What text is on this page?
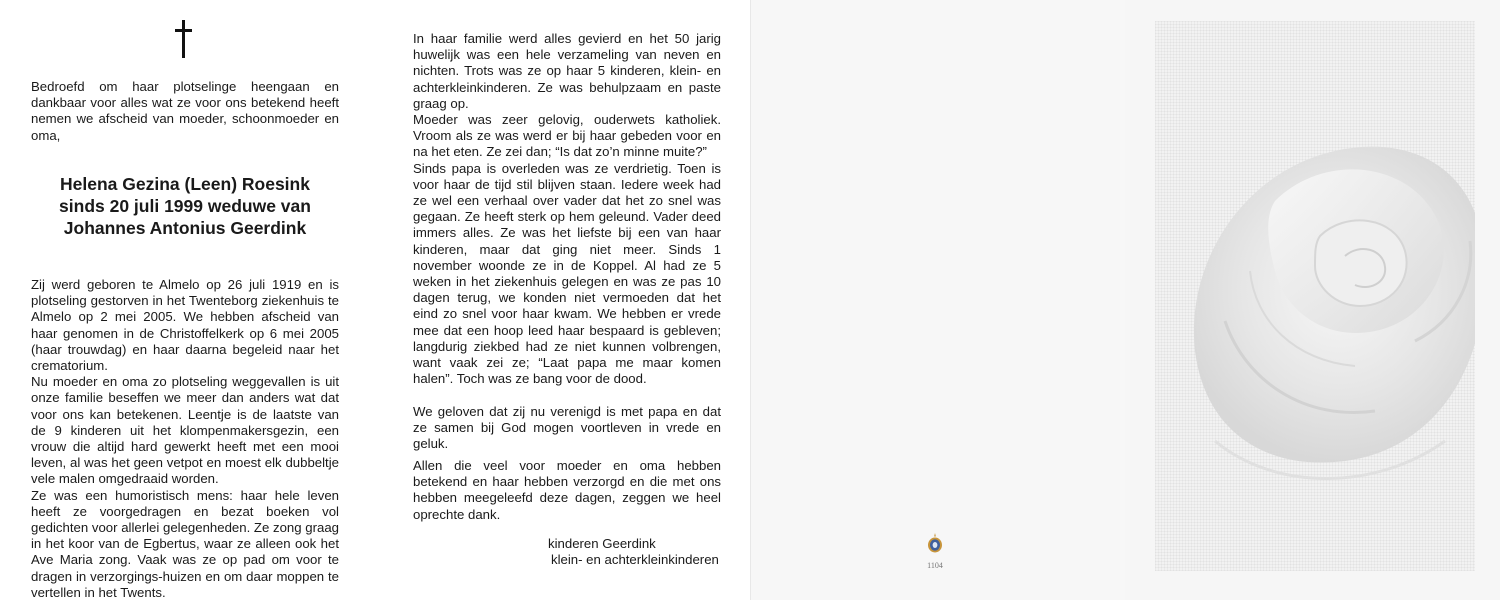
Bedroefd om haar plotselinge heengaan en dankbaar voor alles wat ze voor ons betekend heeft nemen we afscheid van moeder, schoonmoeder en oma,
Helena Gezina (Leen) Roesink
sinds 20 juli 1999 weduwe van
Johannes Antonius Geerdink
Zij werd geboren te Almelo op 26 juli 1919 en is plotseling gestorven in het Twenteborg ziekenhuis te Almelo op 2 mei 2005. We hebben afscheid van haar genomen in de Christoffelkerk op 6 mei 2005 (haar trouwdag) en haar daarna begeleid naar het crematorium.
Nu moeder en oma zo plotseling weggevallen is uit onze familie beseffen we meer dan anders wat dat voor ons kan betekenen. Leentje is de laatste van de 9 kinderen uit het klompenmakersgezin, een vrouw die altijd hard gewerkt heeft met een mooi leven, al was het geen vetpot en moest elk dubbeltje vele malen omgedraaid worden.
Ze was een humoristisch mens: haar hele leven heeft ze voorgedragen en bezat boeken vol gedichten voor allerlei gelegenheden. Ze zong graag in het koor van de Egbertus, waar ze alleen ook het Ave Maria zong. Vaak was ze op pad om voor te dragen in verzorgings-huizen en om daar moppen te vertellen in het Twents.
In haar familie werd alles gevierd en het 50 jarig huwelijk was een hele verzameling van neven en nichten. Trots was ze op haar 5 kinderen, klein- en achterkleinkinderen. Ze was behulpzaam en paste graag op.
Moeder was zeer gelovig, ouderwets katholiek. Vroom als ze was werd er bij haar gebeden voor en na het eten. Ze zei dan; “Is dat zo’n minne muite?”
Sinds papa is overleden was ze verdrietig. Toen is voor haar de tijd stil blijven staan. Iedere week had ze wel een verhaal over vader dat het zo snel was gegaan. Ze heeft sterk op hem geleund. Vader deed immers alles. Ze was het liefste bij een van haar kinderen, maar dat ging niet meer. Sinds 1 november woonde ze in de Koppel. Al had ze 5 weken in het ziekenhuis gelegen en was ze pas 10 dagen terug, we konden niet vermoeden dat het eind zo snel voor haar kwam. We hebben er vrede mee dat een hoop leed haar bespaard is gebleven; langdurig ziekbed had ze niet kunnen volbrengen, want vaak zei ze; “Laat papa me maar komen halen”. Toch was ze bang voor de dood.
We geloven dat zij nu verenigd is met papa en dat ze samen bij God mogen voortleven in vrede en geluk.
Allen die veel voor moeder en oma hebben betekend en haar hebben verzorgd en die met ons hebben meegeleefd deze dagen, zeggen we heel oprechte dank.
kinderen Geerdink
klein- en achterkleinkinderen	1104
